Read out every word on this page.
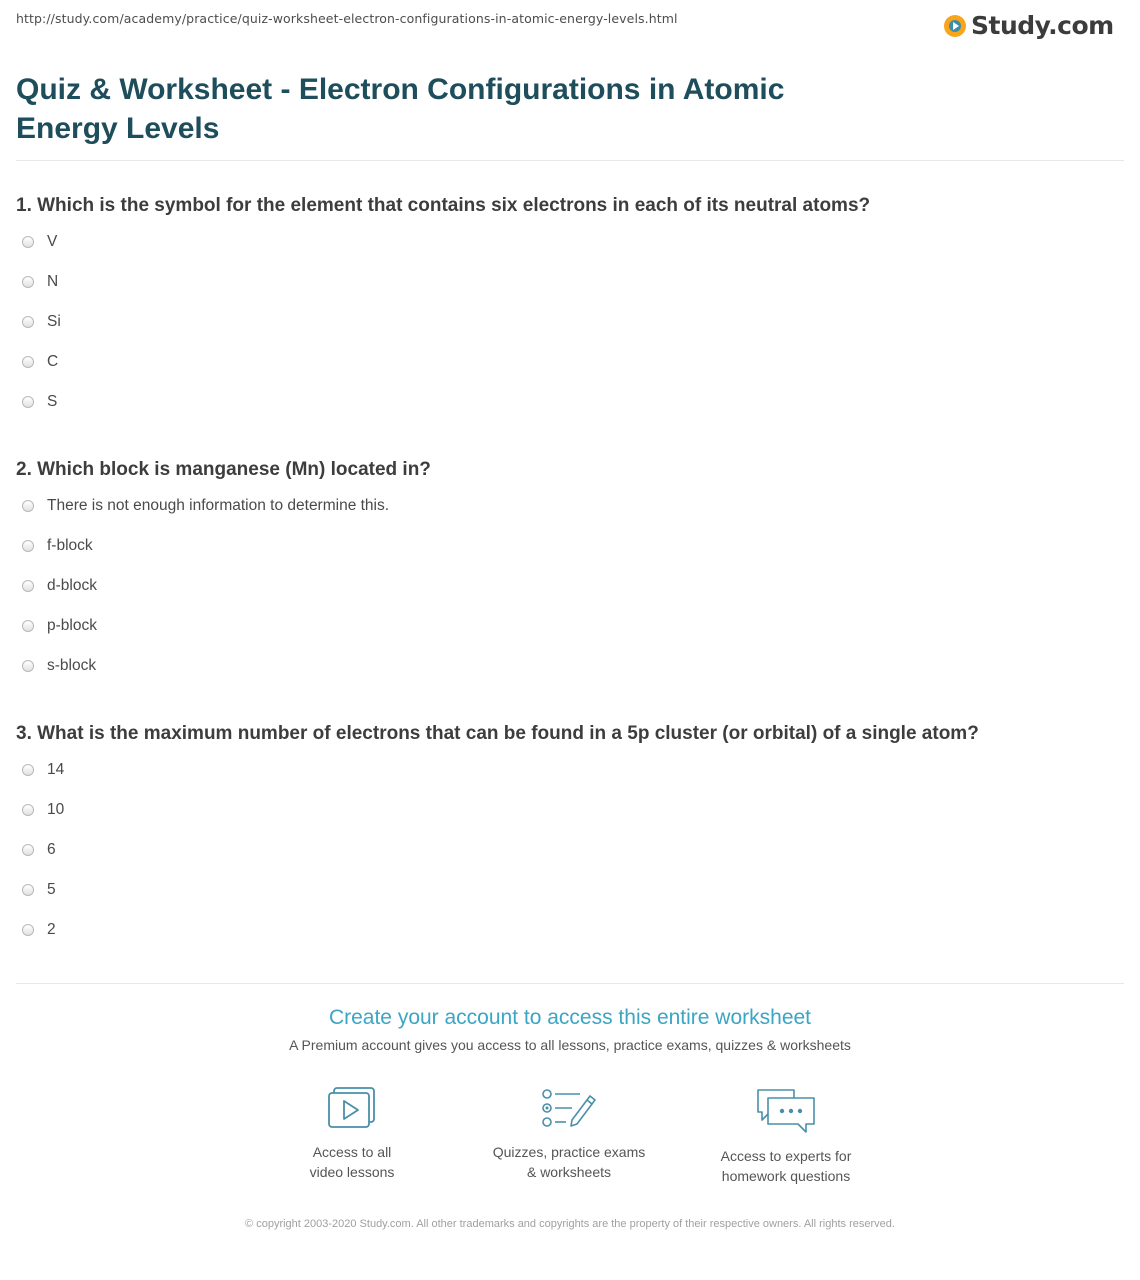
http://study.com/academy/practice/quiz-worksheet-electron-configurations-in-atomic-energy-levels.html	Study.com
Quiz & Worksheet - Electron Configurations in Atomic Energy Levels
1. Which is the symbol for the element that contains six electrons in each of its neutral atoms?
V
N
Si
C
S
2. Which block is manganese (Mn) located in?
There is not enough information to determine this.
f-block
d-block
p-block
s-block
3. What is the maximum number of electrons that can be found in a 5p cluster (or orbital) of a single atom?
14
10
6
5
2
Create your account to access this entire worksheet
A Premium account gives you access to all lessons, practice exams, quizzes & worksheets
Access to all
video lessons
Quizzes, practice exams
& worksheets
Access to experts for
homework questions
© copyright 2003-2020 Study.com. All other trademarks and copyrights are the property of their respective owners. All rights reserved.
